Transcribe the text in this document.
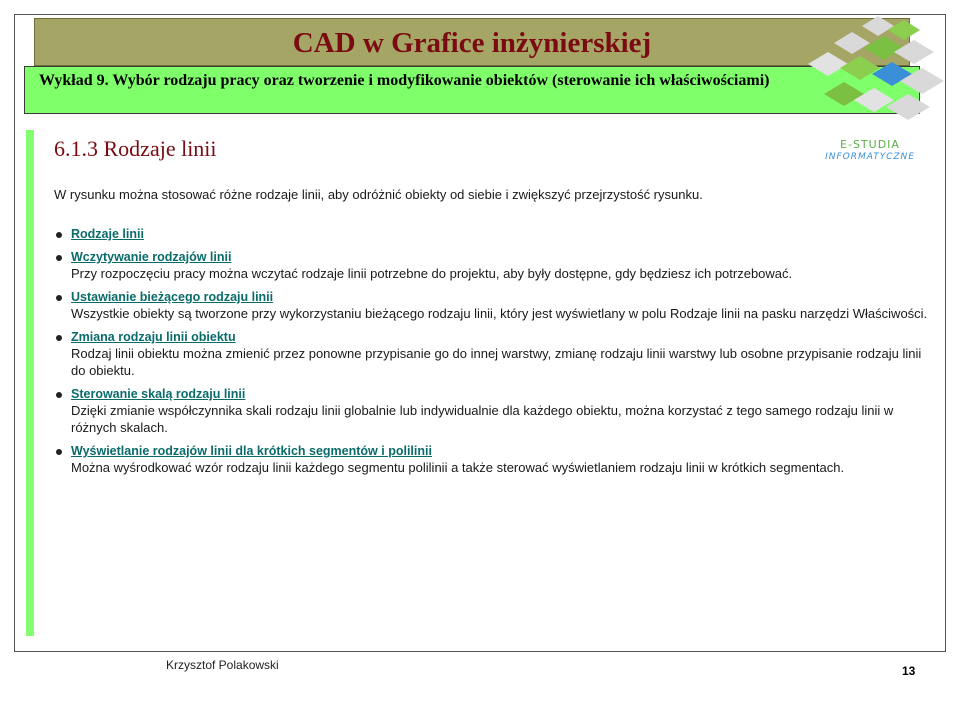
CAD w Grafice inżynierskiej
Wykład 9. Wybór rodzaju pracy oraz tworzenie i modyfikowanie obiektów (sterowanie ich właściwościami)
E-STUDIA
INFORMATYCZNE
6.1.3 Rodzaje linii
W rysunku można stosować różne rodzaje linii, aby odróżnić obiekty od siebie i zwiększyć przejrzystość rysunku.
Rodzaje linii
Wczytywanie rodzajów linii
Przy rozpoczęciu pracy można wczytać rodzaje linii potrzebne do projektu, aby były dostępne, gdy będziesz ich potrzebować.
Ustawianie bieżącego rodzaju linii
Wszystkie obiekty są tworzone przy wykorzystaniu bieżącego rodzaju linii, który jest wyświetlany w polu Rodzaje linii na pasku narzędzi Właściwości.
Zmiana rodzaju linii obiektu
Rodzaj linii obiektu można zmienić przez ponowne przypisanie go do innej warstwy, zmianę rodzaju linii warstwy lub osobne przypisanie rodzaju linii do obiektu.
Sterowanie skalą rodzaju linii
Dzięki zmianie współczynnika skali rodzaju linii globalnie lub indywidualnie dla każdego obiektu, można korzystać z tego samego rodzaju linii w różnych skalach.
Wyświetlanie rodzajów linii dla krótkich segmentów i polilinii
Można wyśrodkować wzór rodzaju linii każdego segmentu polilinii a także sterować wyświetlaniem rodzaju linii w krótkich segmentach.
Krzysztof Polakowski	13
